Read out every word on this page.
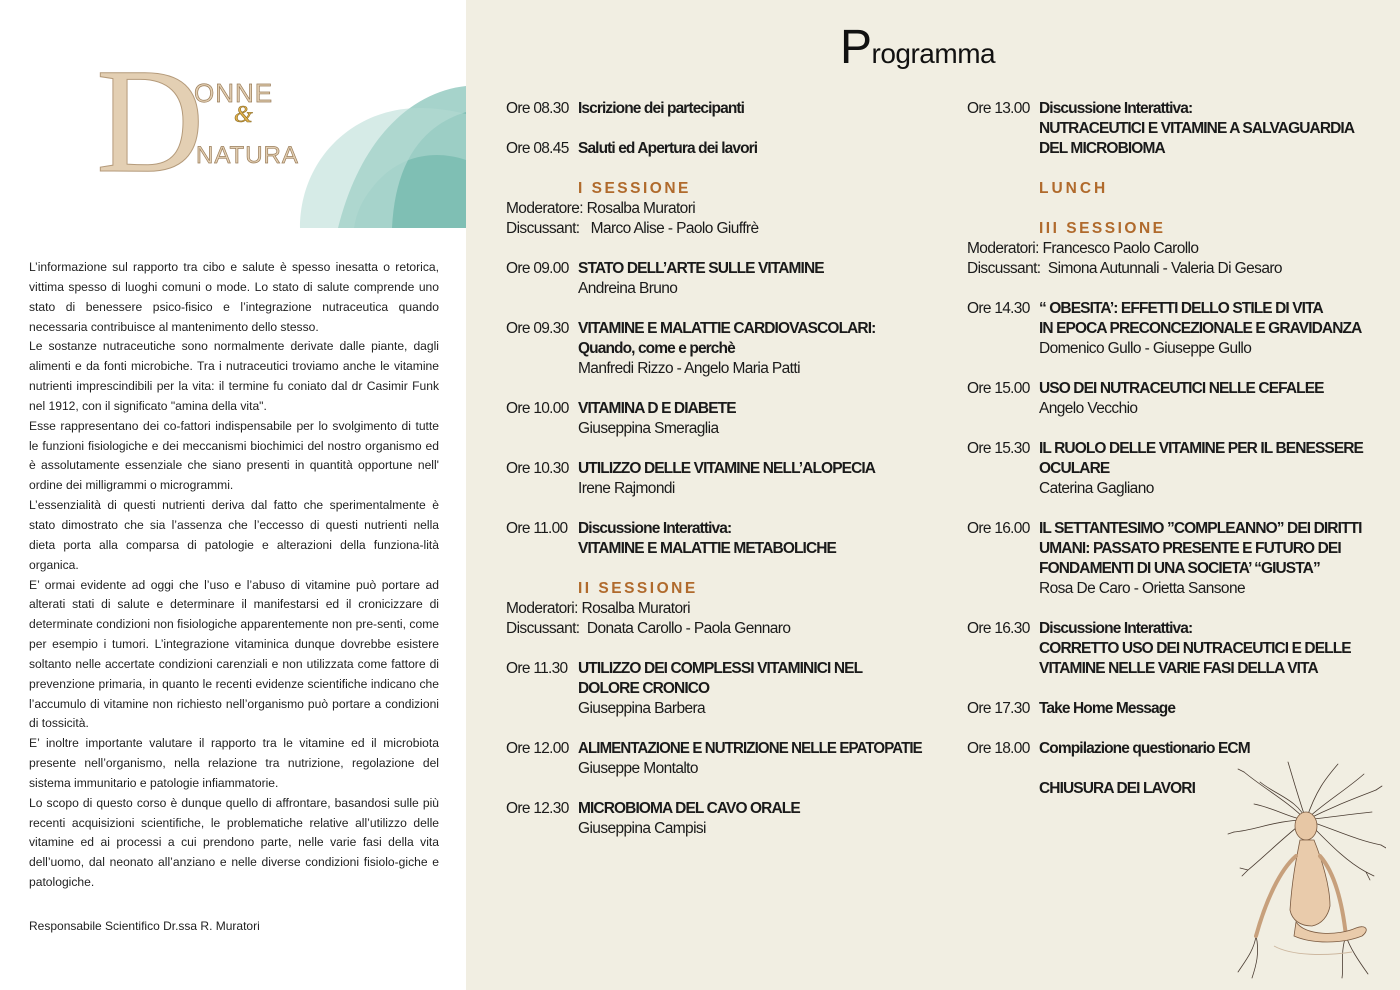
D
ONNE
&
NATURA

L’informazione sul rapporto tra cibo e salute è spesso inesatta o retorica, vittima spesso di luoghi comuni o mode. Lo stato di salute comprende uno stato di benessere psico-fisico e l’integrazione nutraceutica quando necessaria contribuisce al mantenimento dello stesso.

Le sostanze nutraceutiche sono normalmente derivate dalle piante, dagli alimenti e da fonti microbiche. Tra i nutraceutici troviamo anche le vitamine nutrienti imprescindibili per la vita: il termine fu coniato dal dr Casimir Funk nel 1912, con il significato "amina della vita".

Esse rappresentano dei co-fattori indispensabile per lo svolgimento di tutte le funzioni fisiologiche e dei meccanismi biochimici del nostro organismo ed è assolutamente essenziale che siano presenti in quantità opportune nell' ordine dei milligrammi o microgrammi.

L’essenzialità di questi nutrienti deriva dal fatto che sperimentalmente è stato dimostrato che sia l’assenza che l’eccesso di questi nutrienti nella dieta porta alla comparsa di patologie e alterazioni della funziona-lità organica.

E’ ormai evidente ad oggi che l’uso e l’abuso di vitamine può portare ad alterati stati di salute e determinare il manifestarsi ed il cronicizzare di determinate condizioni non fisiologiche apparentemente non pre-senti, come per esempio i tumori. L’integrazione vitaminica dunque dovrebbe esistere soltanto nelle accertate condizioni carenziali e non utilizzata come fattore di prevenzione primaria, in quanto le recenti evidenze scientifiche indicano che l’accumulo di vitamine non richiesto nell’organismo può portare a condizioni di tossicità.

E’ inoltre importante valutare il rapporto tra le vitamine ed il microbiota presente nell’organismo, nella relazione tra nutrizione, regolazione del sistema immunitario e patologie infiammatorie.

Lo scopo di questo corso è dunque quello di affrontare, basandosi sulle più recenti acquisizioni scientifiche, le problematiche relative all’utilizzo delle vitamine ed ai processi a cui prendono parte, nelle varie fasi della vita dell’uomo, dal neonato all’anziano e nelle diverse condizioni fisiolo-giche e patologiche.

Responsabile Scientifico Dr.ssa R. Muratori
Programma
Ore 08.30 Iscrizione dei partecipanti
Ore 08.45 Saluti ed Apertura dei lavori
I SESSIONE
Moderatore: Rosalba Muratori
Discussant:   Marco Alise - Paolo Giuffrè
Ore 09.00 STATO DELL’ARTE SULLE VITAMINE
Andreina Bruno
Ore 09.30 VITAMINE E MALATTIE CARDIOVASCOLARI:
Quando, come e perchè
Manfredi Rizzo - Angelo Maria Patti
Ore 10.00 VITAMINA D E DIABETE
Giuseppina Smeraglia
Ore 10.30 UTILIZZO DELLE VITAMINE NELL’ALOPECIA
Irene Rajmondi
Ore 11.00 Discussione Interattiva:
VITAMINE E MALATTIE METABOLICHE
II SESSIONE
Moderatori: Rosalba Muratori
Discussant:  Donata Carollo - Paola Gennaro
Ore 11.30 UTILIZZO DEI COMPLESSI VITAMINICI NEL
DOLORE CRONICO
Giuseppina Barbera
Ore 12.00 ALIMENTAZIONE E NUTRIZIONE NELLE EPATOPATIE
Giuseppe Montalto
Ore 12.30 MICROBIOMA DEL CAVO ORALE
Giuseppina Campisi
Ore 13.00 Discussione Interattiva:
NUTRACEUTICI E VITAMINE A SALVAGUARDIA
DEL MICROBIOMA
LUNCH
III SESSIONE
Moderatori: Francesco Paolo Carollo
Discussant:  Simona Autunnali - Valeria Di Gesaro
Ore 14.30 “ OBESITA’: EFFETTI DELLO STILE DI VITA
IN EPOCA PRECONCEZIONALE E GRAVIDANZA
Domenico Gullo - Giuseppe Gullo
Ore 15.00 USO DEI NUTRACEUTICI NELLE CEFALEE
Angelo Vecchio
Ore 15.30 IL RUOLO DELLE VITAMINE PER IL BENESSERE
OCULARE
Caterina Gagliano
Ore 16.00 IL SETTANTESIMO ”COMPLEANNO” DEI DIRITTI
UMANI: PASSATO PRESENTE E FUTURO DEI
FONDAMENTI DI UNA SOCIETA’ “GIUSTA”
Rosa De Caro - Orietta Sansone
Ore 16.30 Discussione Interattiva:
CORRETTO USO DEI NUTRACEUTICI E DELLE
VITAMINE NELLE VARIE FASI DELLA VITA
Ore 17.30 Take Home Message
Ore 18.00 Compilazione questionario ECM
CHIUSURA DEI LAVORI
